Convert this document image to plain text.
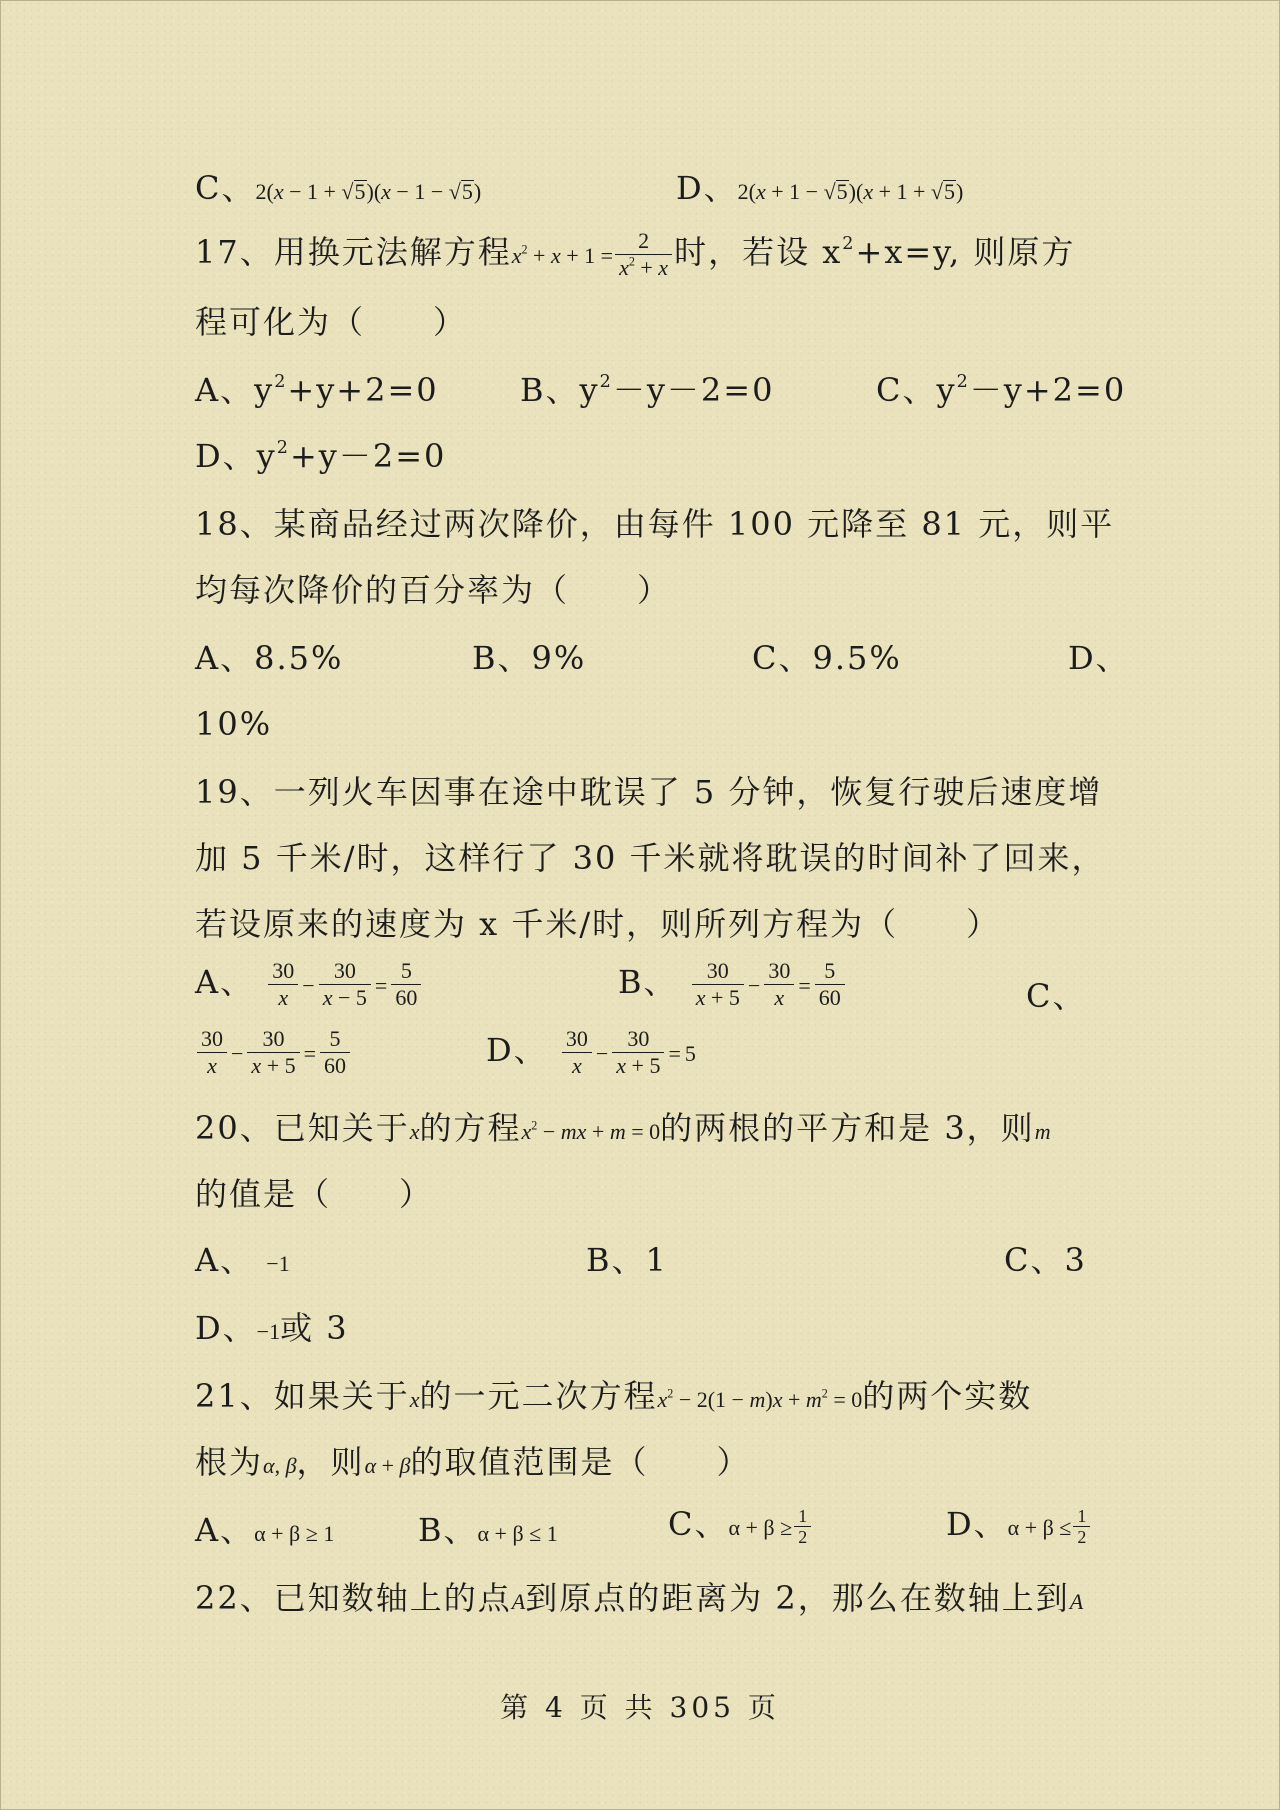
C、2(x − 1 + √5)(x − 1 − √5)	D、2(x + 1 − √5)(x + 1 + √5)
17、用换元法解方程$x^2 + x + 1 = \frac{2}{x^2 + x}$ 时，若设 $x^2+x=y$, 则原方
程可化为（　　）
A、$y^2+y+2=0$	B、$y^2-y-2=0$	C、$y^2-y+2=0$
D、$y^2+y-2=0$
18、某商品经过两次降价，由每件 100 元降至 81 元，则平
均每次降价的百分率为（　　）
A、8.5%	B、9%	C、9.5%	D、
10%
19、一列火车因事在途中耽误了 5 分钟，恢复行驶后速度增
加 5 千米/时，这样行了 30 千米就将耽误的时间补了回来，
若设原来的速度为 x 千米/时，则所列方程为（　　）
A、 $\frac{30}{x} - \frac{30}{x - 5} = \frac{5}{60}$	B、 $\frac{30}{x + 5} - \frac{30}{x} = \frac{5}{60}$	C、
$\frac{30}{x} - \frac{30}{x + 5} = \frac{5}{60}$	D、 $\frac{30}{x} - \frac{30}{x + 5} = 5$
20、已知关于x的方程$x^2$ − mx + m = 0的两根的平方和是 3，则m
的值是（　　）
A、 −1	B、1	C、3
D、−1或 3
21、如果关于x的一元二次方程$x^2 - 2(1 - m)x + m^2 = 0$的两个实数
根为α, β，则α + β的取值范围是（　　）
A、α + β ≥ 1	B、α + β ≤ 1	C、$\alpha + \beta \ge \frac{1}{2}$	D、$\alpha + \beta \le \frac{1}{2}$
22、已知数轴上的点A到原点的距离为 2，那么在数轴上到A
第 4 页 共 305 页
